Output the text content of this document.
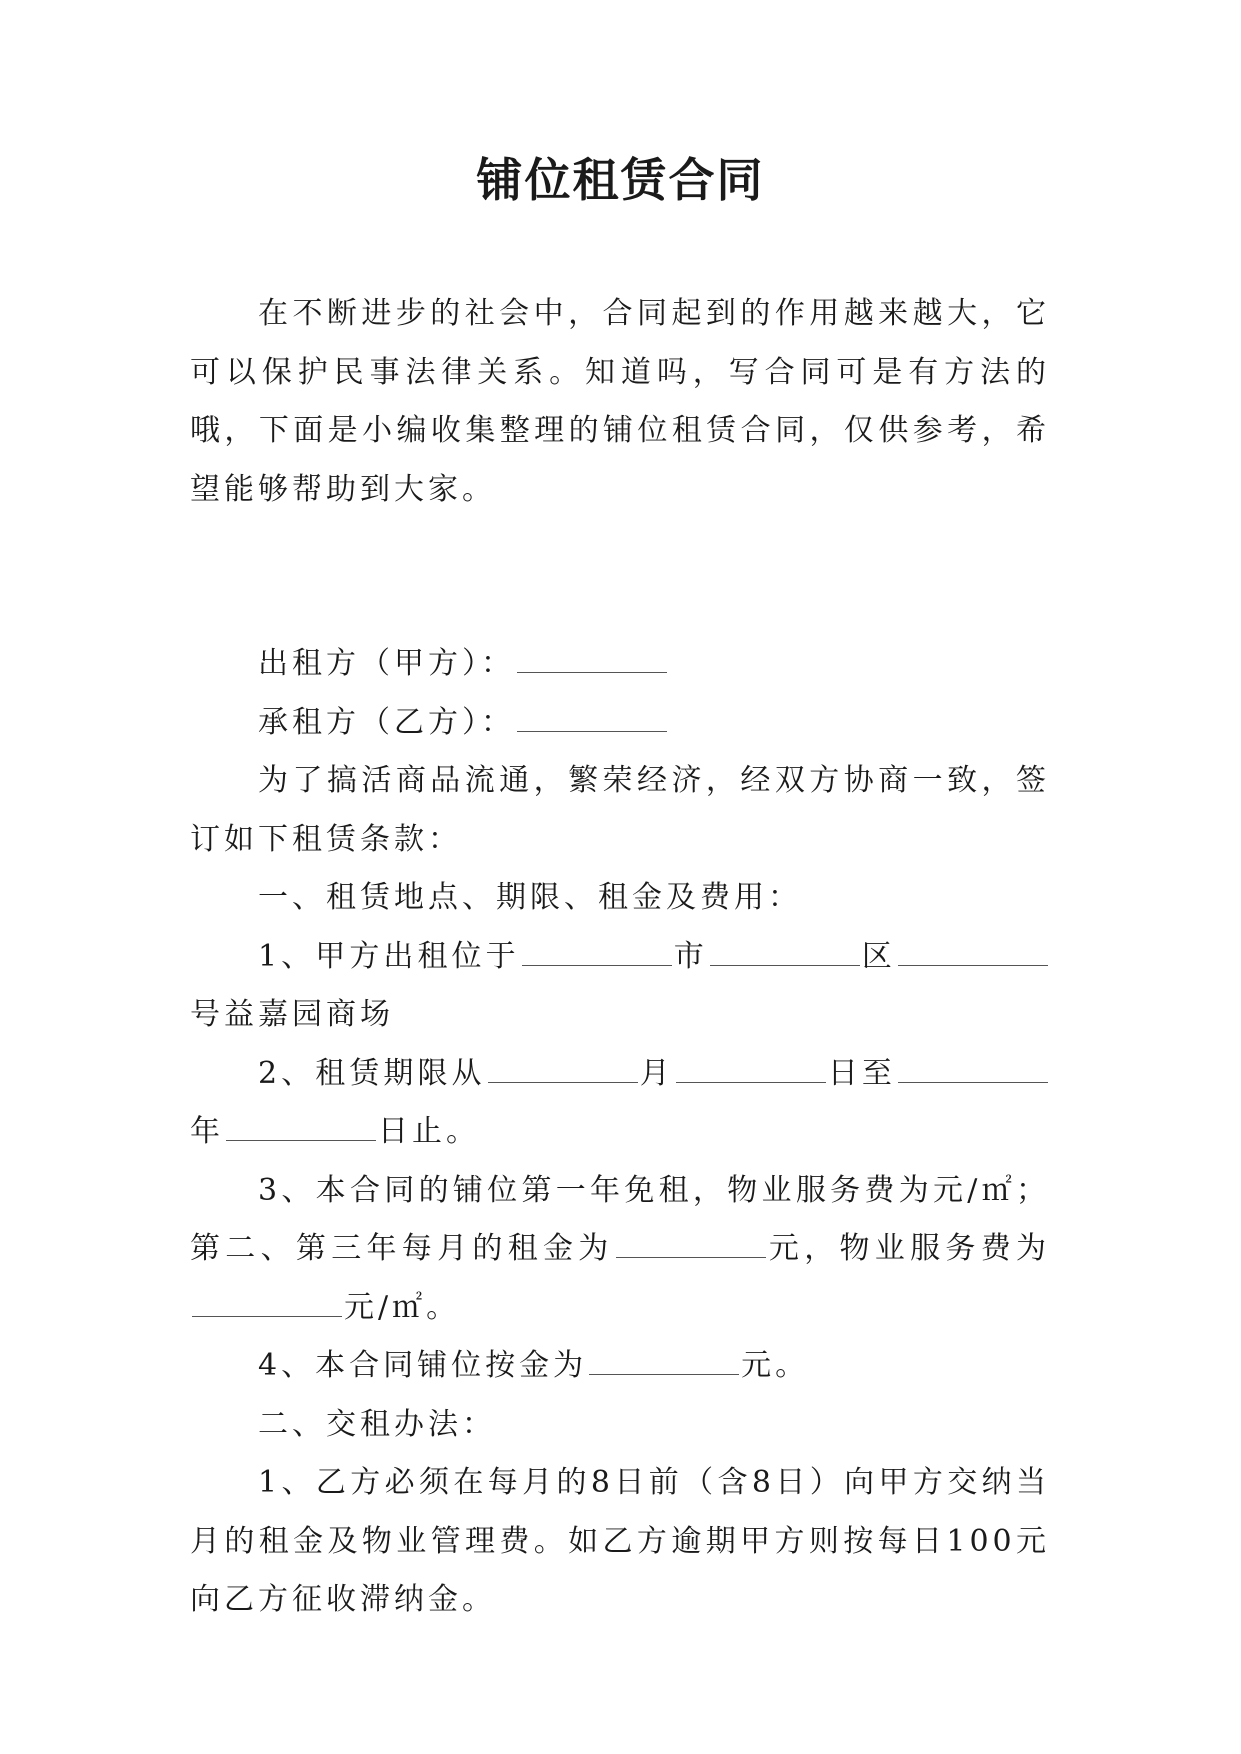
铺位租赁合同

在不断进步的社会中，合同起到的作用越来越大，它可以保护民事法律关系。知道吗，写合同可是有方法的哦，下面是小编收集整理的铺位租赁合同，仅供参考，希望能够帮助到大家。

出租方（甲方）：

承租方（乙方）：

为了搞活商品流通，繁荣经济，经双方协商一致，签订如下租赁条款：

一、租赁地点、期限、租金及费用：

1、甲方出租位于	市	区号益嘉园商场

2、租赁期限从	月	日至年	日止。

3、本合同的铺位第一年免租，物业服务费为元/㎡；第二、第三年每月的租金为	元，物业服务费为元/㎡。

4、本合同铺位按金为	元。

二、交租办法：

1、乙方必须在每月的8日前（含8日）向甲方交纳当月的租金及物业管理费。如乙方逾期甲方则按每日100元向乙方征收滞纳金。
